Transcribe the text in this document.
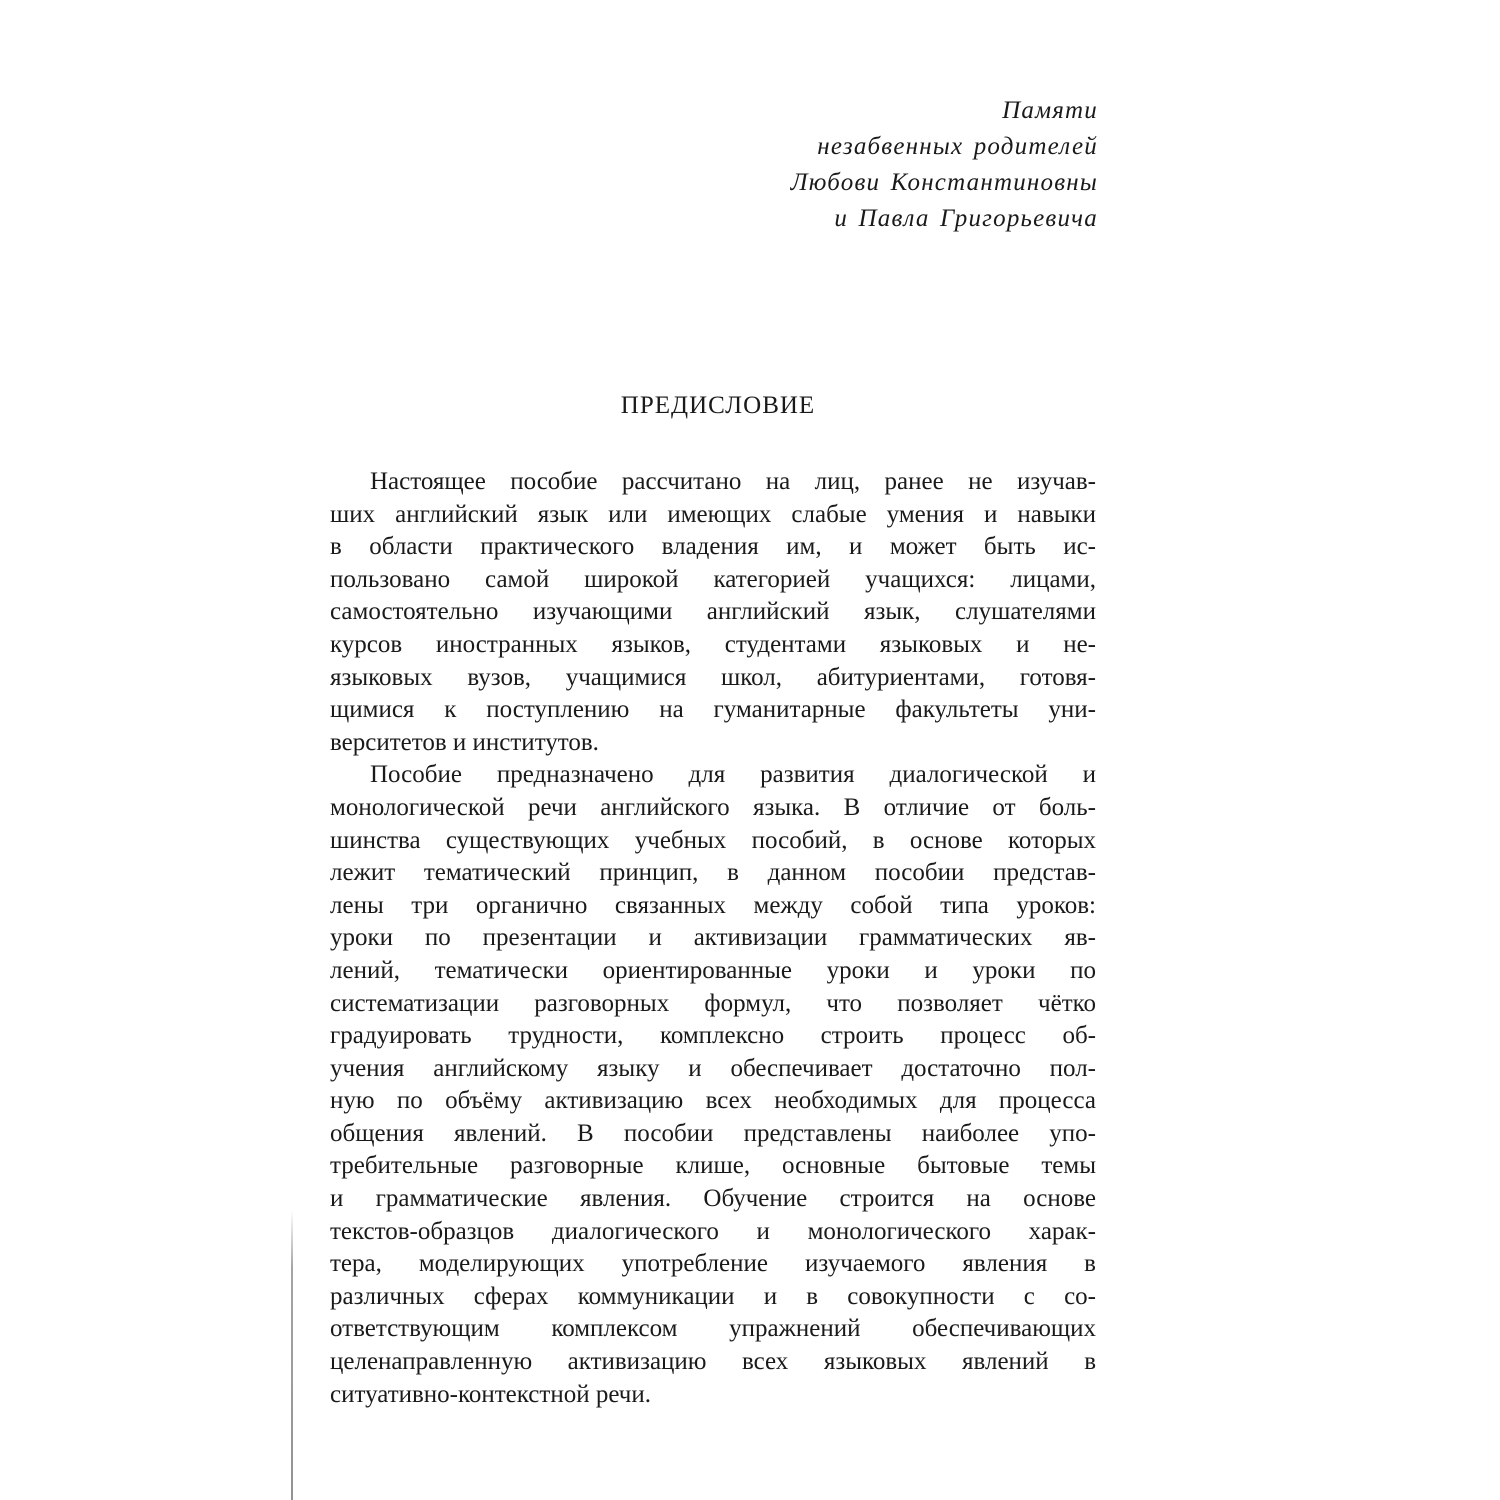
Памяти
незабвенных родителей
Любови Константиновны
и Павла Григорьевича
ПРЕДИСЛОВИЕ
Настоящее пособие рассчитано на лиц, ранее не изучав-
ших английский язык или имеющих слабые умения и навыки
в области практического владения им, и может быть ис-
пользовано самой широкой категорией учащихся: лицами,
самостоятельно изучающими английский язык, слушателями
курсов иностранных языков, студентами языковых и не-
языковых вузов, учащимися школ, абитуриентами, готовя-
щимися к поступлению на гуманитарные факультеты уни-
верситетов и институтов.
Пособие предназначено для развития диалогической и
монологической речи английского языка. В отличие от боль-
шинства существующих учебных пособий, в основе которых
лежит тематический принцип, в данном пособии представ-
лены три органично связанных между собой типа уроков:
уроки по презентации и активизации грамматических яв-
лений, тематически ориентированные уроки и уроки по
систематизации разговорных формул, что позволяет чётко
градуировать трудности, комплексно строить процесс об-
учения английскому языку и обеспечивает достаточно пол-
ную по объёму активизацию всех необходимых для процесса
общения явлений. В пособии представлены наиболее упо-
требительные разговорные клише, основные бытовые темы
и грамматические явления. Обучение строится на основе
текстов-образцов диалогического и монологического харак-
тера, моделирующих употребление изучаемого явления в
различных сферах коммуникации и в совокупности с со-
ответствующим комплексом упражнений обеспечивающих
целенаправленную активизацию всех языковых явлений в
ситуативно-контекстной речи.
